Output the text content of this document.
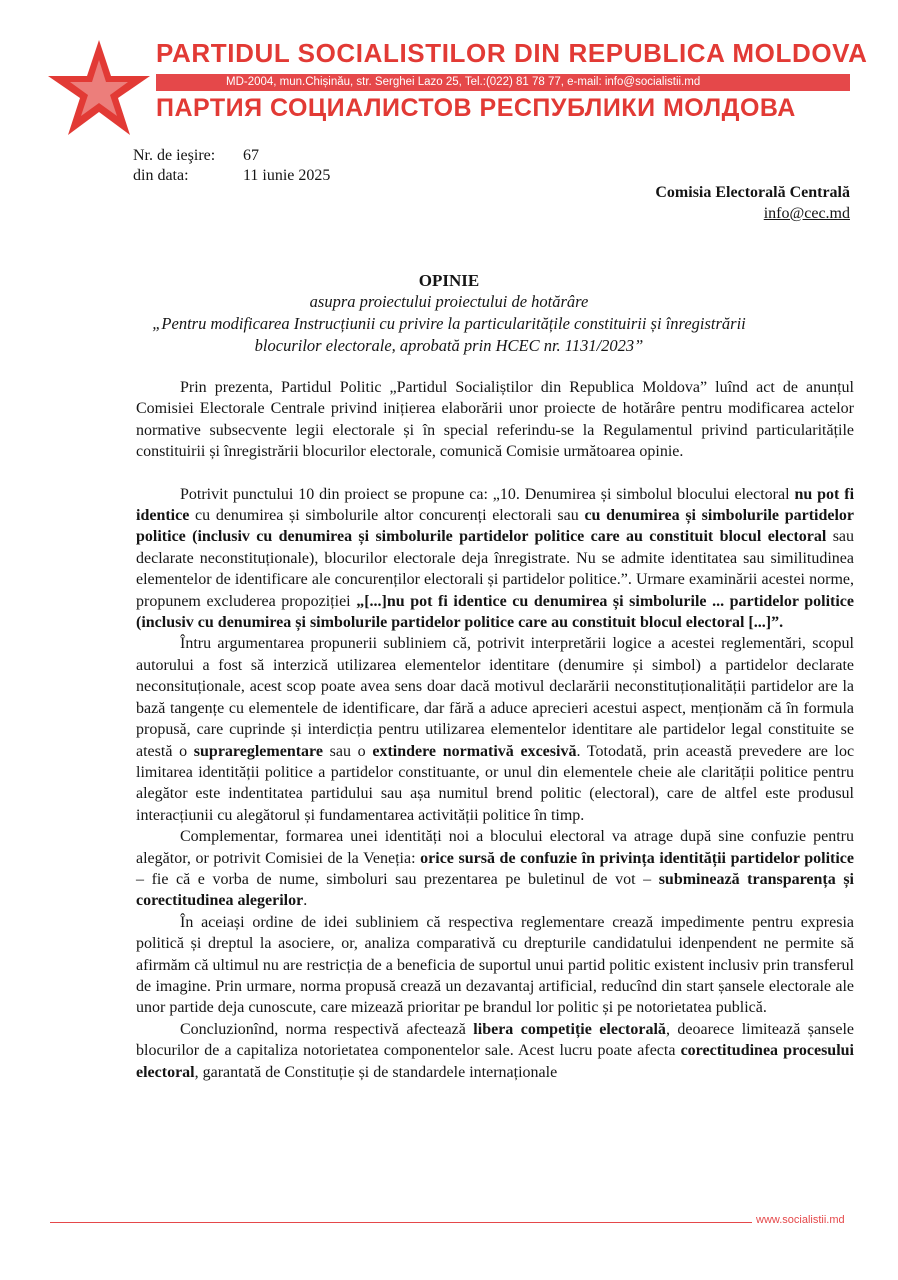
PARTIDUL SOCIALISTILOR DIN REPUBLICA MOLDOVA
MD-2004, mun.Chișinău, str. Serghei Lazo 25, Tel.:(022) 81 78 77, e-mail: info@socialistii.md
ПАРТИЯ СОЦИАЛИСТОВ РЕСПУБЛИКИ МОЛДОВА
Nr. de ieşire: 67
din data:	11 iunie 2025
Comisia Electorală Centrală
info@cec.md
OPINIE
asupra proiectului proiectului de hotărâre
„Pentru modificarea Instrucțiunii cu privire la particularitățile constituirii și înregistrării
blocurilor electorale, aprobată prin HCEC nr. 1131/2023”

Prin prezenta, Partidul Politic „Partidul Socialiștilor din Republica Moldova” luînd act de anunțul Comisiei Electorale Centrale privind inițierea elaborării unor proiecte de hotărâre pentru modificarea actelor normative subsecvente legii electorale și în special referindu-se la Regulamentul privind particularitățile constituirii și înregistrării blocurilor electorale, comunică Comisie următoarea opinie.

Potrivit punctului 10 din proiect se propune ca: „10. Denumirea și simbolul blocului electoral nu pot fi identice cu denumirea și simbolurile altor concurenți electorali sau cu denumirea și simbolurile partidelor politice (inclusiv cu denumirea și simbolurile partidelor politice care au constituit blocul electoral sau declarate neconstituționale), blocurilor electorale deja înregistrate. Nu se admite identitatea sau similitudinea elementelor de identificare ale concurenților electorali și partidelor politice.”. Urmare examinării acestei norme, propunem excluderea propoziției „[...]nu pot fi identice cu denumirea și simbolurile ... partidelor politice (inclusiv cu denumirea și simbolurile partidelor politice care au constituit blocul electoral [...]”.

Întru argumentarea propunerii subliniem că, potrivit interpretării logice a acestei reglementări, scopul autorului a fost să interzică utilizarea elementelor identitare (denumire și simbol) a partidelor declarate neconsituționale, acest scop poate avea sens doar dacă motivul declarării neconstituționalității partidelor are la bază tangențe cu elementele de identificare, dar fără a aduce aprecieri acestui aspect, menționăm că în formula propusă, care cuprinde și interdicția pentru utilizarea elementelor identitare ale partidelor legal constituite se atestă o suprareglementare sau o extindere normativă excesivă. Totodată, prin această prevedere are loc limitarea identității politice a partidelor constituante, or unul din elementele cheie ale clarității politice pentru alegător este indentitatea partidului sau așa numitul brend politic (electoral), care de altfel este produsul interacțiunii cu alegătorul și fundamentarea activității politice în timp.

Complementar, formarea unei identități noi a blocului electoral va atrage după sine confuzie pentru alegător, or potrivit Comisiei de la Veneția: orice sursă de confuzie în privința identității partidelor politice – fie că e vorba de nume, simboluri sau prezentarea pe buletinul de vot – subminează transparența și corectitudinea alegerilor.

În aceiași ordine de idei subliniem că respectiva reglementare crează impedimente pentru expresia politică și dreptul la asociere, or, analiza comparativă cu drepturile candidatului idenpendent ne permite să afirmăm că ultimul nu are restricția de a beneficia de suportul unui partid politic existent inclusiv prin transferul de imagine. Prin urmare, norma propusă crează un dezavantaj artificial, reducînd din start șansele electorale ale unor partide deja cunoscute, care mizează prioritar pe brandul lor politic și pe notorietatea publică.

Concluzionînd, norma respectivă afectează libera competiție electorală, deoarece limitează șansele blocurilor de a capitaliza notorietatea componentelor sale. Acest lucru poate afecta corectitudinea procesului electoral, garantată de Constituție și de standardele internaționale

www.socialistii.md
